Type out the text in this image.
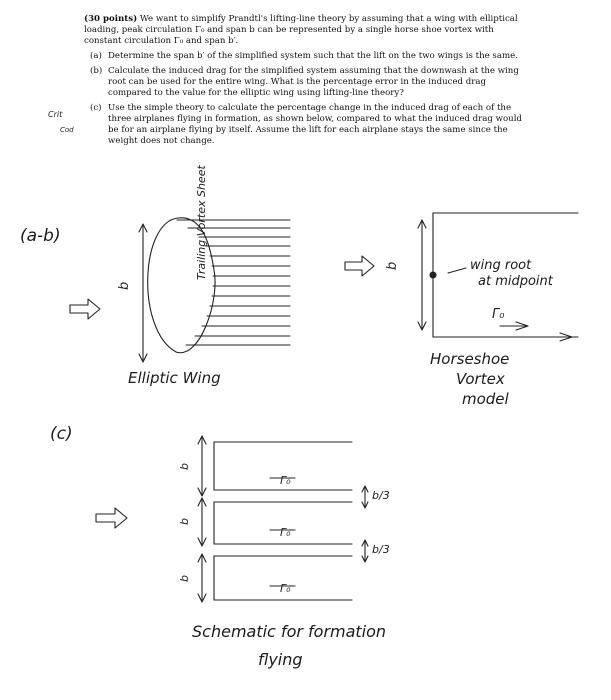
(30 points) We want to simplify Prandtl's lifting-line theory by assuming that a wing with elliptical loading, peak circulation Γ₀ and span b can be represented by a single horse shoe vortex with constant circulation Γ₀ and span b′.

(a) Determine the span b′ of the simplified system such that the lift on the two wings is the same.
(b) Calculate the induced drag for the simplified system assuming that the downwash at the wing root can be used for the entire wing. What is the percentage error in the induced drag compared to the value for the elliptic wing using lifting-line theory?
(c) Use the simple theory to calculate the percentage change in the induced drag of each of the three airplanes flying in formation, as shown below, compared to what the induced drag would be for an airplane flying by itself. Assume the lift for each airplane stays the same since the weight does not change.
Crit
Cod
b
b
Γ₀
b
Γ₀
b
Γ₀
b
Γ₀
(a-b)	Trailing Vortex Sheet
Elliptic Wing
wing root
at midpoint
Horseshoe
Vortex
model
(c)
b/3
b/3
Schematic for formation
flying
